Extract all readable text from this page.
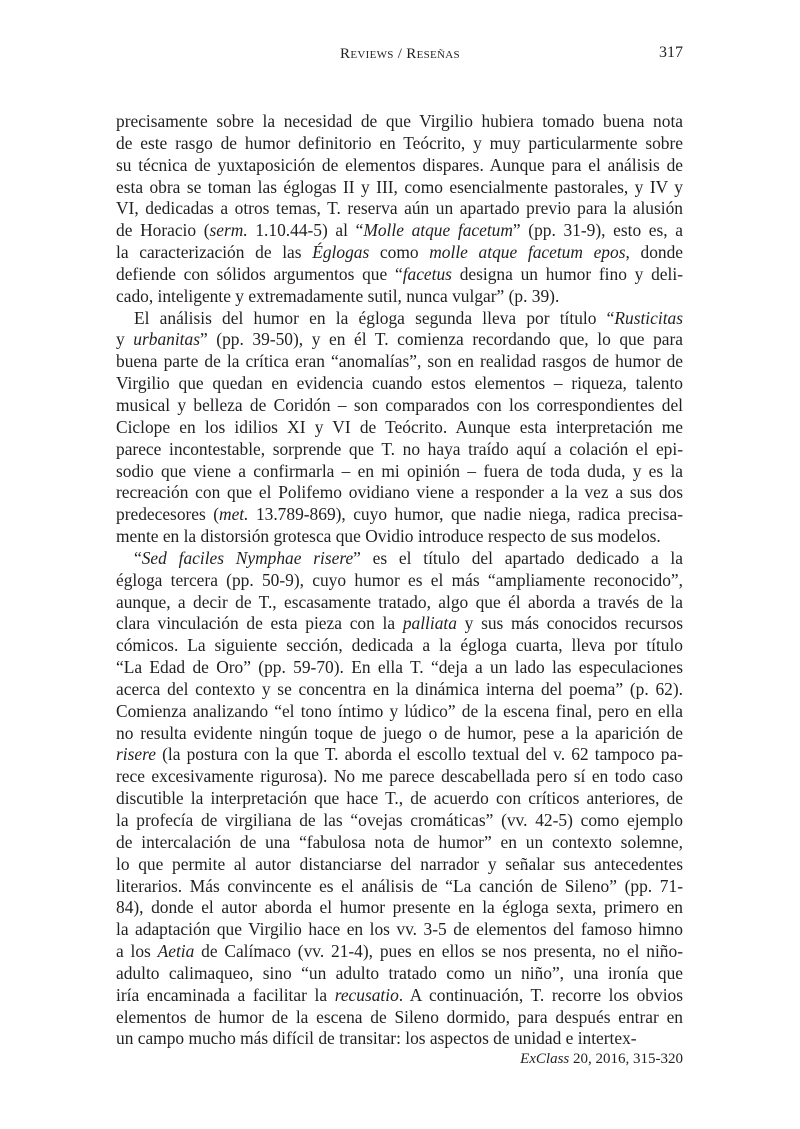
Reviews / Reseñas	317
precisamente sobre la necesidad de que Virgilio hubiera tomado buena nota
de este rasgo de humor definitorio en Teócrito, y muy particularmente sobre
su técnica de yuxtaposición de elementos dispares. Aunque para el análisis de
esta obra se toman las églogas II y III, como esencialmente pastorales, y IV y
VI, dedicadas a otros temas, T. reserva aún un apartado previo para la alusión
de Horacio (serm. 1.10.44-5) al “Molle atque facetum” (pp. 31-9), esto es, a
la caracterización de las Églogas como molle atque facetum epos, donde
defiende con sólidos argumentos que “facetus designa un humor fino y deli-
cado, inteligente y extremadamente sutil, nunca vulgar” (p. 39).
El análisis del humor en la égloga segunda lleva por título “Rusticitas
y urbanitas” (pp. 39-50), y en él T. comienza recordando que, lo que para
buena parte de la crítica eran “anomalías”, son en realidad rasgos de humor de
Virgilio que quedan en evidencia cuando estos elementos – riqueza, talento
musical y belleza de Coridón – son comparados con los correspondientes del
Ciclope en los idilios XI y VI de Teócrito. Aunque esta interpretación me
parece incontestable, sorprende que T. no haya traído aquí a colación el epi-
sodio que viene a confirmarla – en mi opinión – fuera de toda duda, y es la
recreación con que el Polifemo ovidiano viene a responder a la vez a sus dos
predecesores (met. 13.789-869), cuyo humor, que nadie niega, radica precisa-
mente en la distorsión grotesca que Ovidio introduce respecto de sus modelos.
“Sed faciles Nymphae risere” es el título del apartado dedicado a la
égloga tercera (pp. 50-9), cuyo humor es el más “ampliamente reconocido”,
aunque, a decir de T., escasamente tratado, algo que él aborda a través de la
clara vinculación de esta pieza con la palliata y sus más conocidos recursos
cómicos. La siguiente sección, dedicada a la égloga cuarta, lleva por título
“La Edad de Oro” (pp. 59-70). En ella T. “deja a un lado las especulaciones
acerca del contexto y se concentra en la dinámica interna del poema” (p. 62).
Comienza analizando “el tono íntimo y lúdico” de la escena final, pero en ella
no resulta evidente ningún toque de juego o de humor, pese a la aparición de
risere (la postura con la que T. aborda el escollo textual del v. 62 tampoco pa-
rece excesivamente rigurosa). No me parece descabellada pero sí en todo caso
discutible la interpretación que hace T., de acuerdo con críticos anteriores, de
la profecía de virgiliana de las “ovejas cromáticas” (vv. 42-5) como ejemplo
de intercalación de una “fabulosa nota de humor” en un contexto solemne,
lo que permite al autor distanciarse del narrador y señalar sus antecedentes
literarios. Más convincente es el análisis de “La canción de Sileno” (pp. 71-
84), donde el autor aborda el humor presente en la égloga sexta, primero en
la adaptación que Virgilio hace en los vv. 3-5 de elementos del famoso himno
a los Aetia de Calímaco (vv. 21-4), pues en ellos se nos presenta, no el niño-
adulto calimaqueo, sino “un adulto tratado como un niño”, una ironía que
iría encaminada a facilitar la recusatio. A continuación, T. recorre los obvios
elementos de humor de la escena de Sileno dormido, para después entrar en
un campo mucho más difícil de transitar: los aspectos de unidad e intertex-
ExClass 20, 2016, 315-320
